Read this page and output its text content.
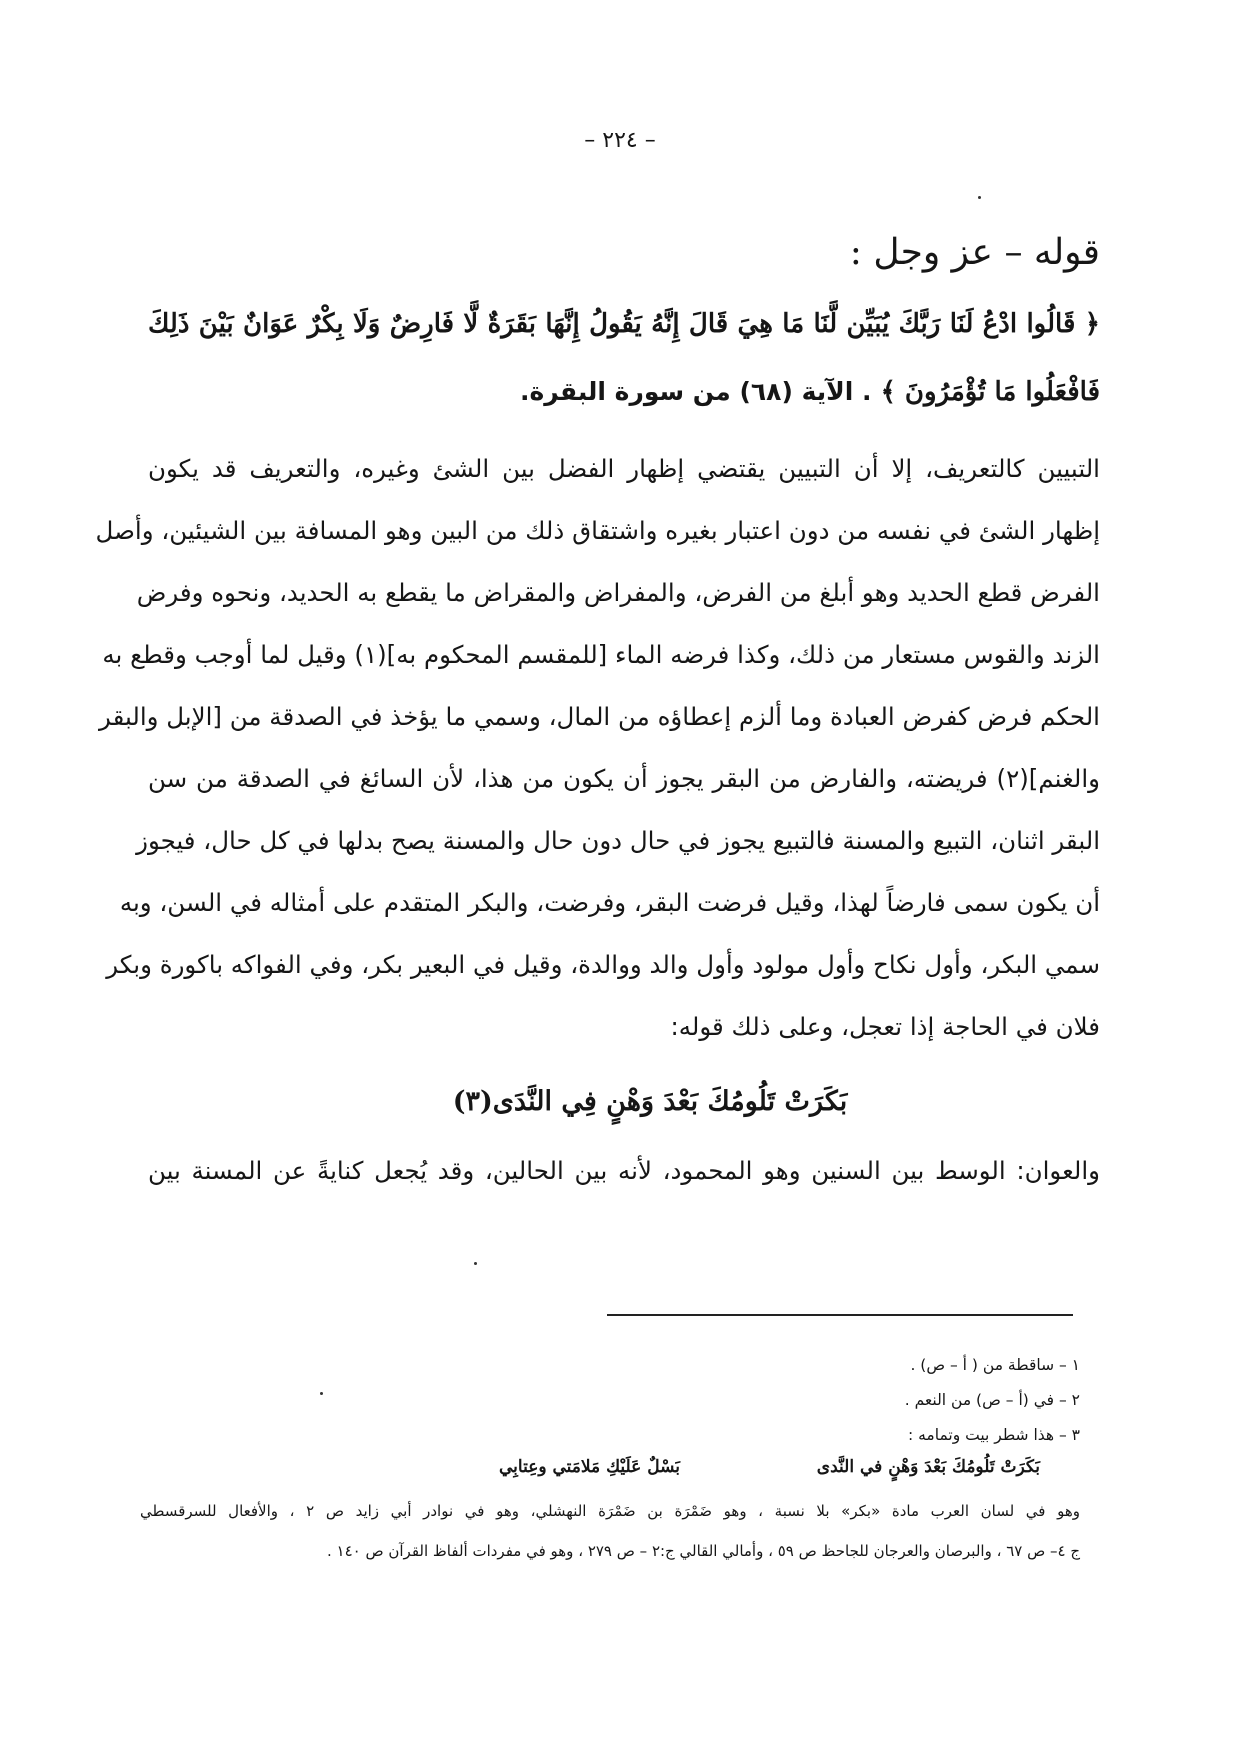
– ٢٢٤ –
قوله – عز وجل :
﴿ قَالُوا ادْعُ لَنَا رَبَّكَ يُبَيِّن لَّنَا مَا هِيَ قَالَ إِنَّهُ يَقُولُ إِنَّهَا بَقَرَةٌ لَّا فَارِضٌ وَلَا بِكْرٌ عَوَانٌ بَيْنَ ذَلِكَ فَافْعَلُوا مَا تُؤْمَرُونَ ﴾ . الآية (٦٨) من سورة البقرة.
التبيين كالتعريف، إلا أن التبيين يقتضي إظهار الفضل بين الشئ وغيره، والتعريف قد يكون
إظهار الشئ في نفسه من دون اعتبار بغيره واشتقاق ذلك من البين وهو المسافة بين الشيئين، وأصل
الفرض قطع الحديد وهو أبلغ من الفرض، والمفراض والمقراض ما يقطع به الحديد، ونحوه وفرض
الزند والقوس مستعار من ذلك، وكذا فرضه الماء [للمقسم المحكوم به](١) وقيل لما أوجب وقطع به
الحكم فرض كفرض العبادة وما ألزم إعطاؤه من المال، وسمي ما يؤخذ في الصدقة من [الإبل والبقر
والغنم](٢) فريضته، والفارض من البقر يجوز أن يكون من هذا، لأن السائغ في الصدقة من سن
البقر اثنان، التبيع والمسنة فالتبيع يجوز في حال دون حال والمسنة يصح بدلها في كل حال، فيجوز
أن يكون سمى فارضاً لهذا، وقيل فرضت البقر، وفرضت، والبكر المتقدم على أمثاله في السن، وبه
سمي البكر، وأول نكاح وأول مولود وأول والد ووالدة، وقيل في البعير بكر، وفي الفواكه باكورة وبكر
فلان في الحاجة إذا تعجل، وعلى ذلك قوله:
بَكَرَتْ تَلُومُكَ بَعْدَ وَهْنٍ فِي النَّدَى(٣)
والعوان: الوسط بين السنين وهو المحمود، لأنه بين الحالين، وقد يُجعل كنايةً عن المسنة بين
١ – ساقطة من ( أ – ص) .
٢ – في (أ – ص) من النعم .
٣ – هذا شطر بيت وتمامه :
بَكَرَتْ تَلُومُكَ بَعْدَ وَهْنٍ في النَّدى
بَسْلٌ عَلَيْكِ مَلامَتي وعِتابِي
وهو في لسان العرب مادة «بكر» بلا نسبة ، وهو ضَمْرَة بن ضَمْرَة النهشلي، وهو في نوادر أبي زايد ص ٢ ، والأفعال للسرقسطي
ج ٤– ص ٦٧ ، والبرصان والعرجان للجاحظ ص ٥٩ ، وأمالي القالي ج:٢ – ص ٢٧٩ ، وهو في مفردات ألفاظ القرآن ص ١٤٠ .
